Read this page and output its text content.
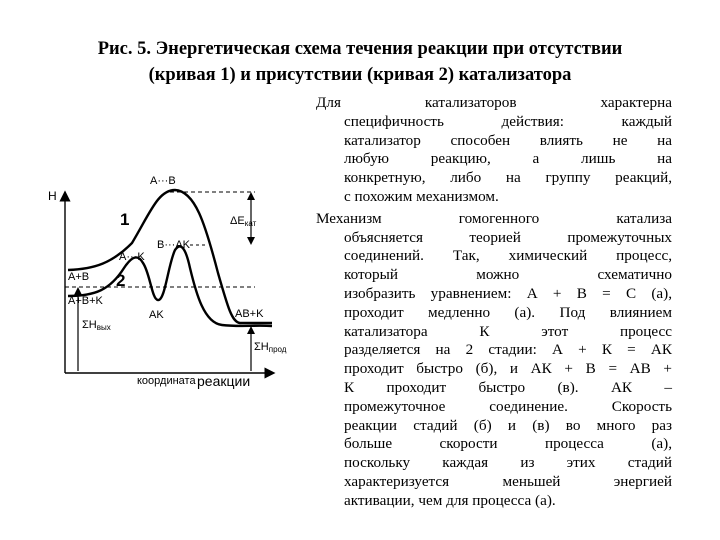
Рис. 5. Энергетическая схема течения реакции при отсутствии
(кривая 1) и присутствии (кривая 2) катализатора
H
координата реакции
A···B
1
2
ΔEкат
B···AK
A···K
AK
A+B
A+B+K
AB+K
ΣHвых
ΣHпрод

Для катализаторов характерна
специфичность действия: каждый
катализатор способен влиять не на
любую реакцию, а лишь на
конкретную, либо на группу реакций,
с похожим механизмом.

Механизм гомогенного катализа
объясняется теорией промежуточных
соединений. Так, химический процесс,
который можно схематично
изобразить уравнением: А + В = С (а),
проходит медленно (а). Под влиянием
катализатора К этот процесс
разделяется на 2 стадии: А + К = АК
проходит быстро (б), и АК + В = АВ +
К проходит быстро (в). АК –
промежуточное соединение. Скорость
реакции стадий (б) и (в) во много раз
больше скорости процесса (а),
поскольку каждая из этих стадий
характеризуется меньшей энергией
активации, чем для процесса (а).
